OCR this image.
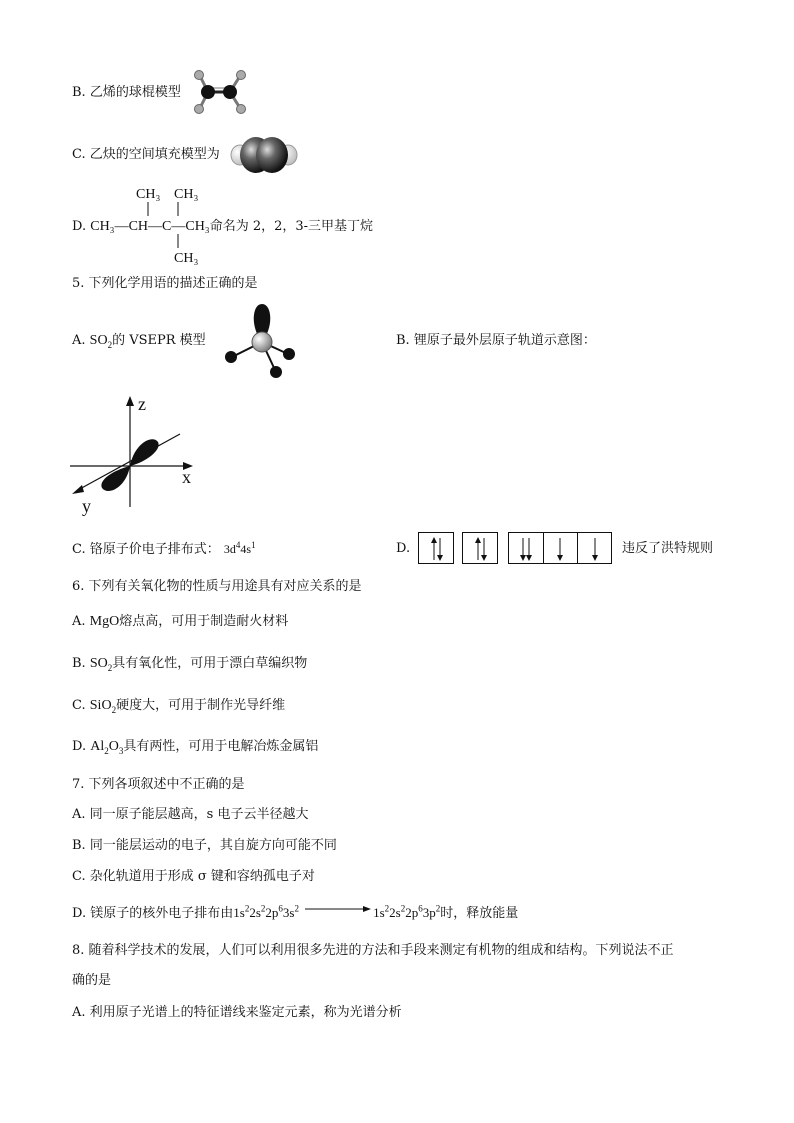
B. 乙烯的球棍模型
C. 乙炔的空间填充模型为
CH₃ CH₃
D. CH₃—CH—C—CH₃命名为 2，2，3-三甲基丁烷
CH₃
5. 下列化学用语的描述正确的是
A. $SO_2$的 VSEPR 模型	B. 锂原子最外层原子轨道示意图：
z
x
y
C. 铬原子价电子排布式： $3d^44s^1$	D.	违反了洪特规则
6. 下列有关氧化物的性质与用途具有对应关系的是
A. MgO熔点高，可用于制造耐火材料
B. $SO_2$具有氧化性，可用于漂白草编织物
C. SiO$_2$硬度大，可用于制作光导纤维
D. $Al_2O_3$具有两性，可用于电解冶炼金属铝
7. 下列各项叙述中不正确的是
A. 同一原子能层越高，s 电子云半径越大
B. 同一能层运动的电子，其自旋方向可能不同
C. 杂化轨道用于形成 σ 键和容纳孤电子对
D. 镁原子的核外电子排布由$1s^22s^22p^63s^2$	$1s^22s^22p^63p^2$时，释放能量
8. 随着科学技术的发展，人们可以利用很多先进的方法和手段来测定有机物的组成和结构。下列说法不正
确的是
A. 利用原子光谱上的特征谱线来鉴定元素，称为光谱分析
